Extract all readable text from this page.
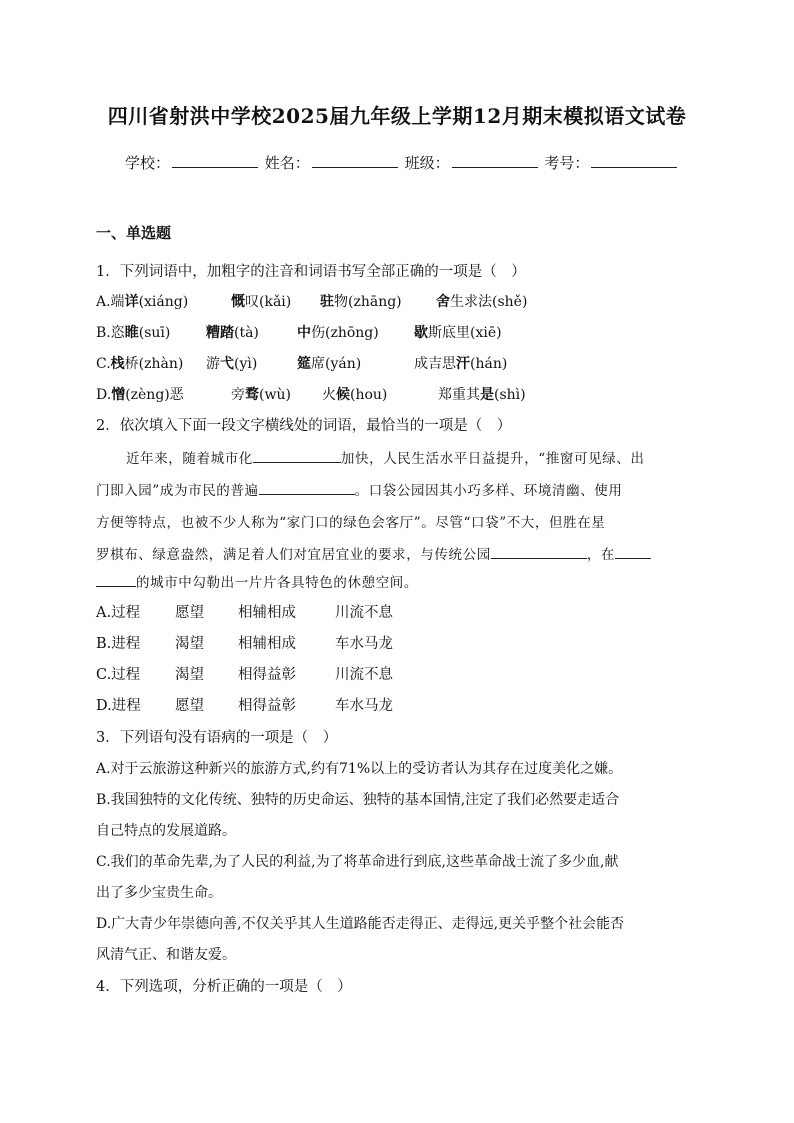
四川省射洪中学校2025届九年级上学期12月期末模拟语文试卷
学校：	姓名：	班级：	考号：
一、单选题
1．下列词语中，加粗字的注音和词语书写全部正确的一项是（　）
A.端详(xiáng)	慨叹(kǎi) 驻物(zhāng) 舍生求法(shě)
B.恣睢(suī)	糟踏(tà)	中伤(zhōng)	歇斯底里(xiē)
C.栈桥(zhàn) 游弋(yì)	筵席(yán)	成吉思汗(hán)
D.憎(zèng)恶	旁骛(wù) 火候(hou)	郑重其是(shì)
2．依次填入下面一段文字横线处的词语，最恰当的一项是（　）
近年来，随着城市化	加快，人民生活水平日益提升，“推窗可见绿、出
门即入园”成为市民的普遍	。口袋公园因其小巧多样、环境清幽、使用
方便等特点，也被不少人称为“家门口的绿色会客厅”。尽管“口袋”不大，但胜在星
罗棋布、绿意盎然，满足着人们对宜居宜业的要求，与传统公园	，在
的城市中勾勒出一片片各具特色的休憩空间。
A.过程 愿望 相辅相成	川流不息
B.进程 渴望 相辅相成	车水马龙
C.过程 渴望 相得益彰	川流不息
D.进程 愿望 相得益彰	车水马龙
3．下列语句没有语病的一项是（　）
A.对于云旅游这种新兴的旅游方式,约有71%以上的受访者认为其存在过度美化之嫌。
B.我国独特的文化传统、独特的历史命运、独特的基本国情,注定了我们必然要走适合
自己特点的发展道路。
C.我们的革命先辈,为了人民的利益,为了将革命进行到底,这些革命战士流了多少血,献
出了多少宝贵生命。
D.广大青少年崇德向善,不仅关乎其人生道路能否走得正、走得远,更关乎整个社会能否
风清气正、和谐友爱。
4．下列选项，分析正确的一项是（　）
